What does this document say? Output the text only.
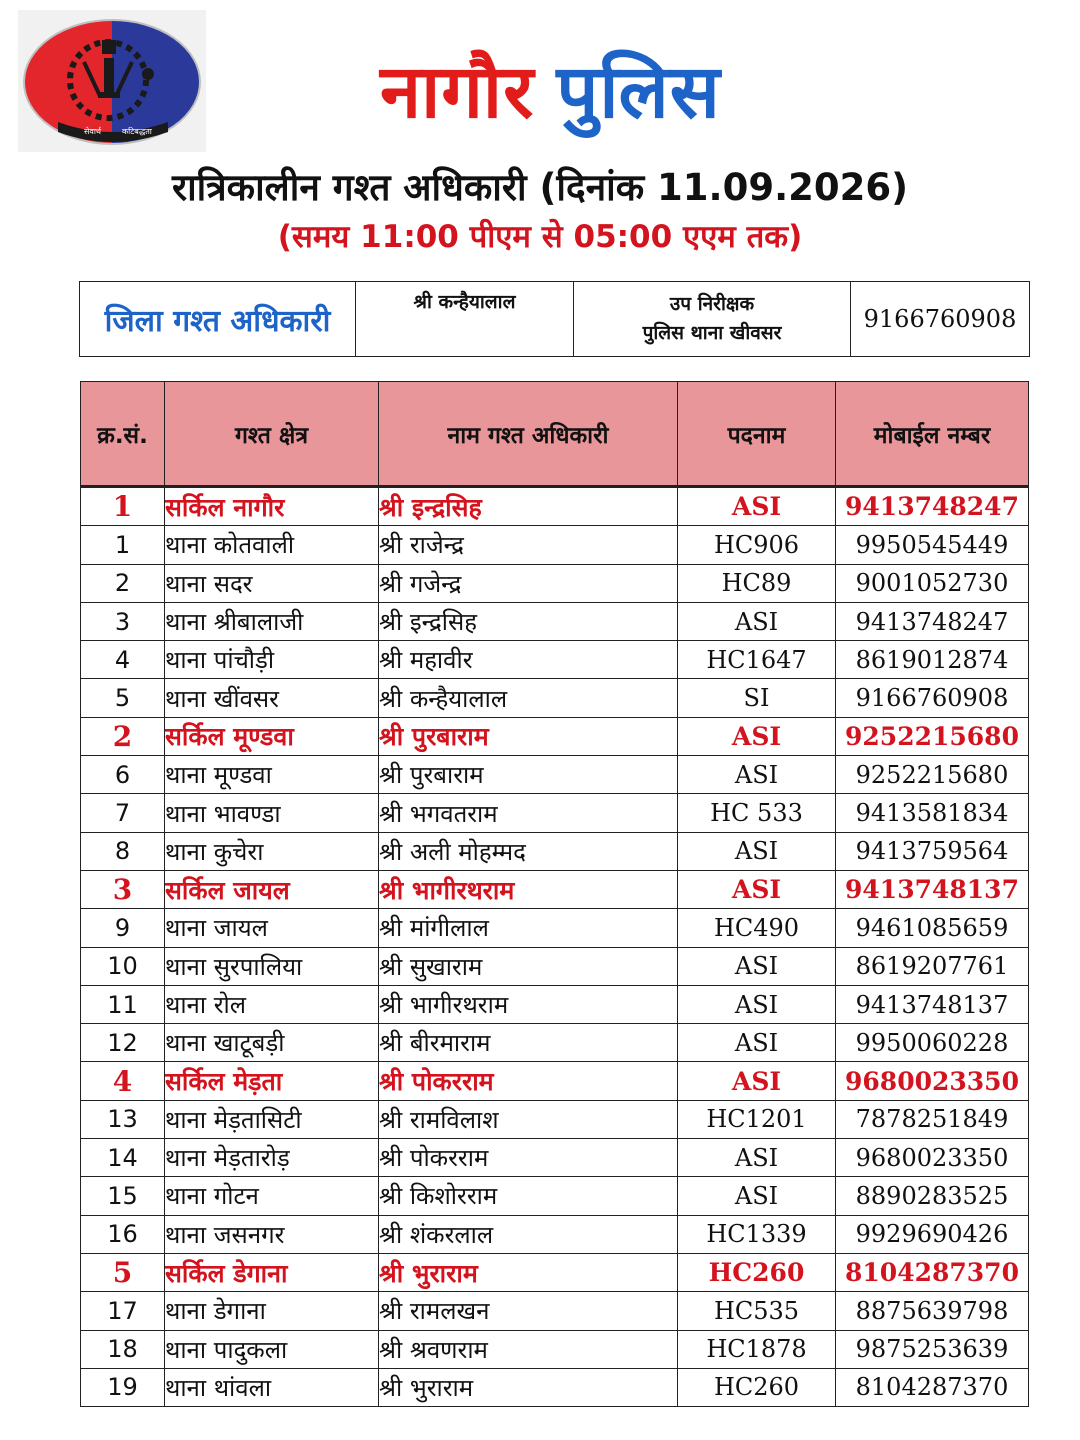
सेवार्थ	कटिबद्धता	नागौर पुलिस
रात्रिकालीन गश्त अधिकारी (दिनांक 11.09.2026)
(समय 11:00 पीएम से 05:00 एएम तक)
जिला गश्त अधिकारी	श्री कन्हैयालाल	उप निरीक्षक
पुलिस थाना खीवसर	9166760908
क्र.सं.	गश्त क्षेत्र	नाम गश्त अधिकारी	पदनाम	मोबाईल नम्बर
1	सर्किल नागौर	श्री इन्द्रसिह	ASI	9413748247
1	थाना कोतवाली	श्री राजेन्द्र	HC906	9950545449
2	थाना सदर	श्री गजेन्द्र	HC89	9001052730
3	थाना श्रीबालाजी	श्री इन्द्रसिह	ASI	9413748247
4	थाना पांचौड़ी	श्री महावीर	HC1647	8619012874
5	थाना खींवसर	श्री कन्हैयालाल	SI	9166760908
2	सर्किल मूण्डवा	श्री पुरबाराम	ASI	9252215680
6	थाना मूण्डवा	श्री पुरबाराम	ASI	9252215680
7	थाना भावण्डा	श्री भगवतराम	HC 533	9413581834
8	थाना कुचेरा	श्री अली मोहम्मद	ASI	9413759564
3	सर्किल जायल	श्री भागीरथराम	ASI	9413748137
9	थाना जायल	श्री मांगीलाल	HC490	9461085659
10	थाना सुरपालिया	श्री सुखाराम	ASI	8619207761
11	थाना रोल	श्री भागीरथराम	ASI	9413748137
12	थाना खाटूबड़ी	श्री बीरमाराम	ASI	9950060228
4	सर्किल मेड़ता	श्री पोकरराम	ASI	9680023350
13	थाना मेड़तासिटी	श्री रामविलाश	HC1201	7878251849
14	थाना मेड़तारोड़	श्री पोकरराम	ASI	9680023350
15	थाना गोटन	श्री किशोरराम	ASI	8890283525
16	थाना जसनगर	श्री शंकरलाल	HC1339	9929690426
5	सर्किल डेगाना	श्री भुराराम	HC260	8104287370
17	थाना डेगाना	श्री रामलखन	HC535	8875639798
18	थाना पादुकला	श्री श्रवणराम	HC1878	9875253639
19	थाना थांवला	श्री भुराराम	HC260	8104287370
